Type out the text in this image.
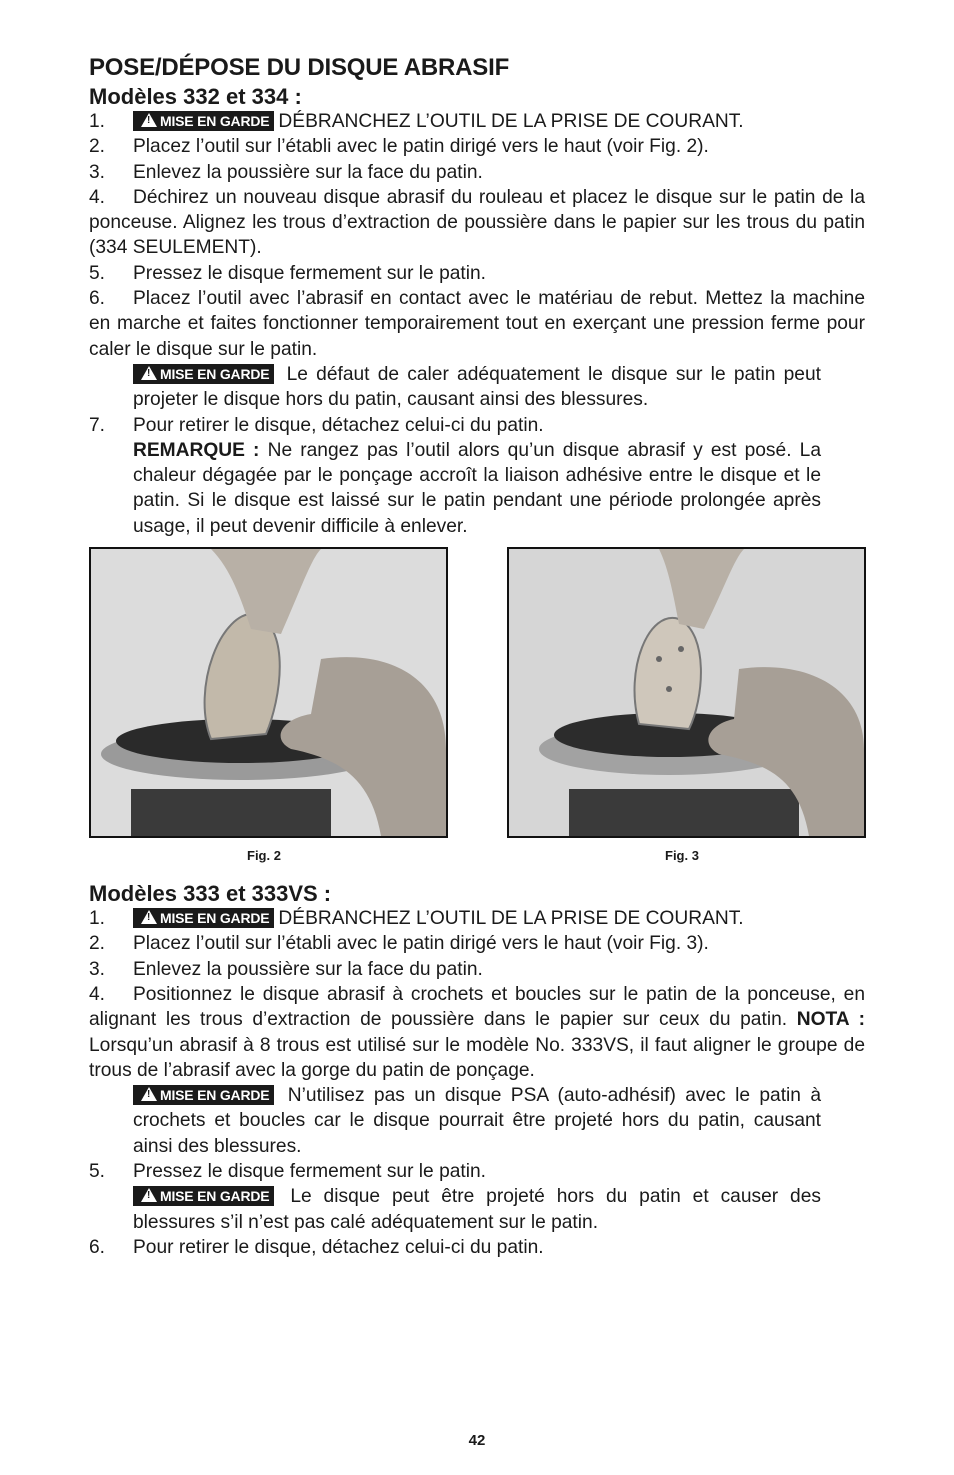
POSE/DÉPOSE DU DISQUE ABRASIF
Modèles 332 et 334 :
1. !	MISE EN GARDE DÉBRANCHEZ L’OUTIL DE LA PRISE DE COURANT.
2. Placez l’outil sur l’établi avec le patin dirigé vers le haut (voir Fig. 2).
3. Enlevez la poussière sur la face du patin.
4. Déchirez un nouveau disque abrasif du rouleau et placez le disque sur le patin de la ponceuse. Alignez les trous d’extraction de poussière dans le papier sur les trous du patin (334 SEULEMENT).
5. Pressez le disque fermement sur le patin.
6. Placez l’outil avec l’abrasif en contact avec le matériau de rebut. Mettez la machine en marche et faites fonctionner temporairement tout en exerçant une pression ferme pour caler le disque sur le patin.
!MISE EN GARDE Le défaut de caler adéquatement le disque sur le patin peut projeter le disque hors du patin, causant ainsi des blessures.
7. Pour retirer le disque, détachez celui-ci du patin.
REMARQUE : Ne rangez pas l’outil alors qu’un disque abrasif y est posé. La chaleur dégagée par le ponçage accroît la liaison adhésive entre le disque et le patin. Si le disque est laissé sur le patin pendant une période prolongée après usage, il peut devenir difficile à enlever.
Fig. 2	Fig. 3
Modèles 333 et 333VS :
1. !	MISE EN GARDE DÉBRANCHEZ L’OUTIL DE LA PRISE DE COURANT.
2. Placez l’outil sur l’établi avec le patin dirigé vers le haut (voir Fig. 3).
3. Enlevez la poussière sur la face du patin.
4. Positionnez le disque abrasif à crochets et boucles sur le patin de la ponceuse, en alignant les trous d’extraction de poussière dans le papier sur ceux du patin. NOTA : Lorsqu’un abrasif à 8 trous est utilisé sur le modèle No. 333VS, il faut aligner le groupe de trous de l’abrasif avec la gorge du patin de ponçage.
!MISE EN GARDE N’utilisez pas un disque PSA (auto-adhésif) avec le patin à crochets et boucles car le disque pourrait être projeté hors du patin, causant ainsi des blessures.
5. Pressez le disque fermement sur le patin.
!MISE EN GARDE Le disque peut être projeté hors du patin et causer des blessures s’il n’est pas calé adéquatement sur le patin.
6. Pour retirer le disque, détachez celui-ci du patin.
42
